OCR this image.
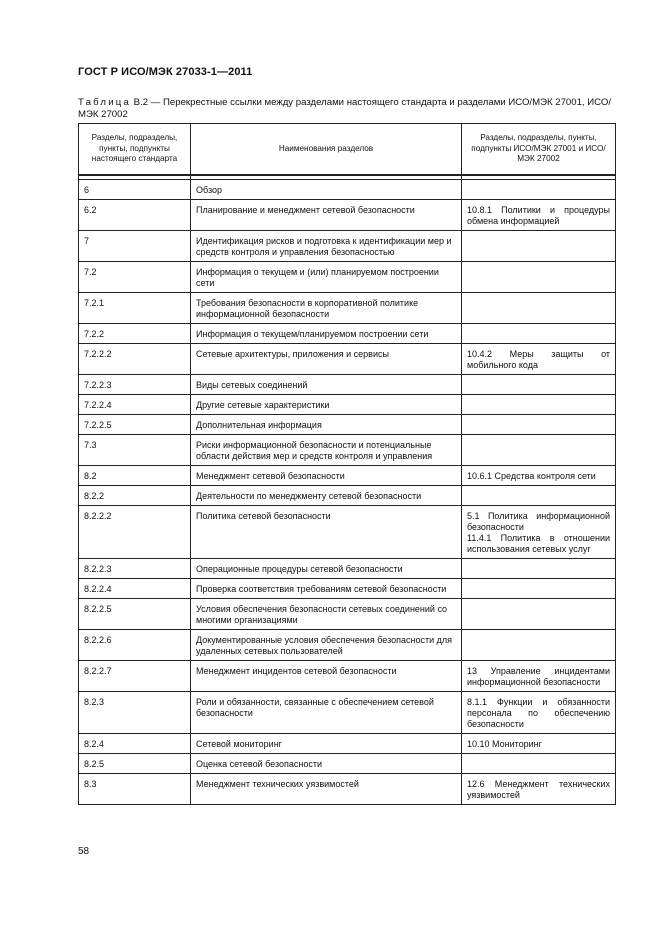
ГОСТ Р ИСО/МЭК 27033-1—2011
Таблица В.2 — Перекрестные ссылки между разделами настоящего стандарта и разделами ИСО/МЭК 27001, ИСО/МЭК 27002
Разделы, подразделы, пункты, подпункты настоящего стандарта	Наименования разделов	Разделы, подразделы, пункты, подпункты ИСО/МЭК 27001 и ИСО/МЭК 27002

6	Обзор	
6.2	Планирование и менеджмент сетевой безопасности	10.8.1 Политики и процедуры обмена информацией
7	Идентификация рисков и подготовка к идентификации мер и средств контроля и управления безопасностью	
7.2	Информация о текущем и (или) планируемом построении сети	
7.2.1	Требования безопасности в корпоративной политике информационной безопасности	
7.2.2	Информация о текущем/планируемом построении сети	
7.2.2.2	Сетевые архитектуры, приложения и сервисы	10.4.2 Меры защиты от мобильного кода
7.2.2.3	Виды сетевых соединений	
7.2.2.4	Другие сетевые характеристики	
7.2.2.5	Дополнительная информация	
7.3	Риски информационной безопасности и потенциальные области действия мер и средств контроля и управления	
8.2	Менеджмент сетевой безопасности	10.6.1 Средства контроля сети
8.2.2	Деятельности по менеджменту сетевой безопасности	
8.2.2.2	Политика сетевой безопасности	5.1 Политика информационной безопасности
11.4.1 Политика в отношении использования сетевых услуг
8.2.2.3	Операционные процедуры сетевой безопасности	
8.2.2.4	Проверка соответствия требованиям сетевой безопасности	
8.2.2.5	Условия обеспечения безопасности сетевых соединений со многими организациями	
8.2.2.6	Документированные условия обеспечения безопасности для удаленных сетевых пользователей	
8.2.2.7	Менеджмент инцидентов сетевой безопасности	13 Управление инцидентами информационной безопасности
8.2.3	Роли и обязанности, связанные с обеспечением сетевой безопасности	8.1.1 Функции и обязанности персонала по обеспечению безопасности
8.2.4	Сетевой мониторинг	10.10 Мониторинг
8.2.5	Оценка сетевой безопасности	
8.3	Менеджмент технических уязвимостей	12.6 Менеджмент технических уязвимостей
58
